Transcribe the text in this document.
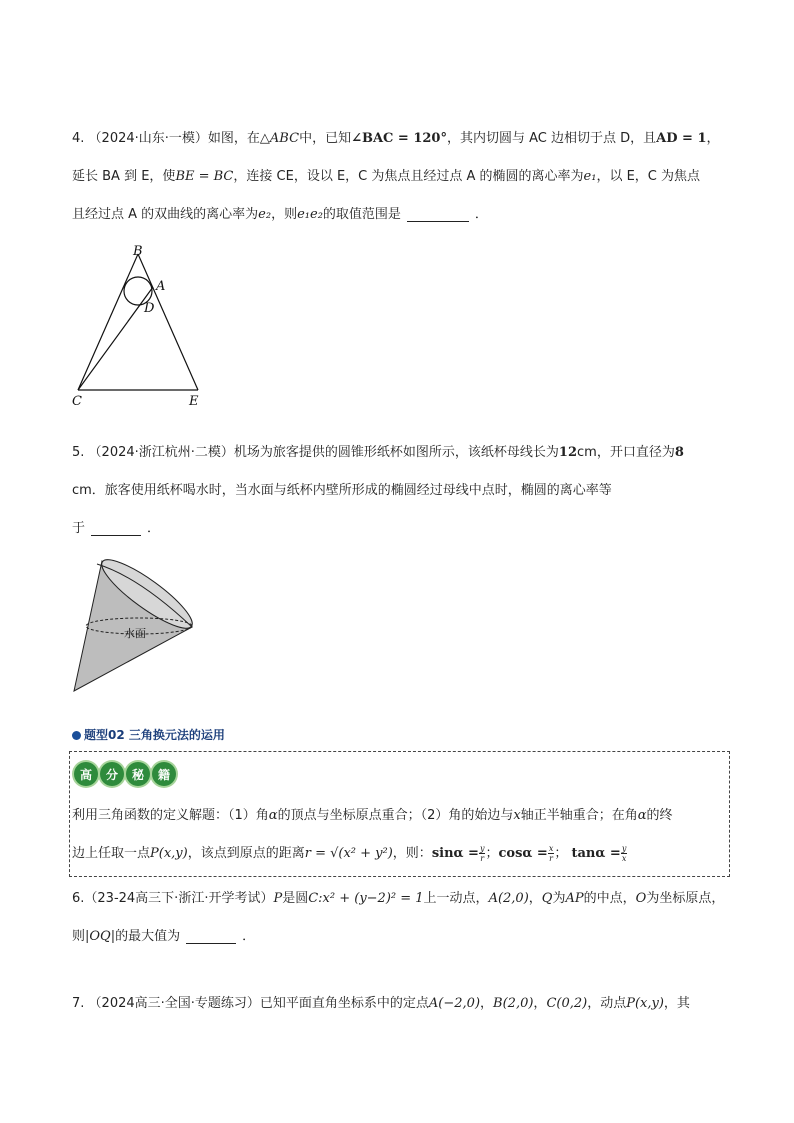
4. （2024·山东·一模）如图，在△ABC中，已知∠BAC = 120°，其内切圆与 AC 边相切于点 D，且AD = 1，
延长 BA 到 E，使BE = BC，连接 CE，设以 E，C 为焦点且经过点 A 的椭圆的离心率为e₁，以 E，C 为焦点
且经过点 A 的双曲线的离心率为e₂，则e₁e₂的取值范围是	．
B
A
D
C	E
5. （2024·浙江杭州·二模）机场为旅客提供的圆锥形纸杯如图所示，该纸杯母线长为12cm，开口直径为8
cm．旅客使用纸杯喝水时，当水面与纸杯内壁所形成的椭圆经过母线中点时，椭圆的离心率等
于	．
水面
题型02 三角换元法的运用
高	分	秘	籍
利用三角函数的定义解题：（1）角α的顶点与坐标原点重合；（2）角的始边与x轴正半轴重合；在角α的终
边上任取一点P(x,y)，该点到原点的距离r = √(x² + y²)，则：$\sin\alpha = \frac{y}{r}$ ；$\cos\alpha = \frac{x}{r}$ ； $\tan\alpha = \frac{y}{x}$
6.（23-24高三下·浙江·开学考试）P是圆C:x² + (y−2)² = 1上一动点，A(2,0)，Q为AP的中点，O为坐标原点，
则|OQ|的最大值为	．
7. （2024高三·全国·专题练习）已知平面直角坐标系中的定点A(−2,0)，B(2,0)，C(0,2)，动点P(x,y)，其
